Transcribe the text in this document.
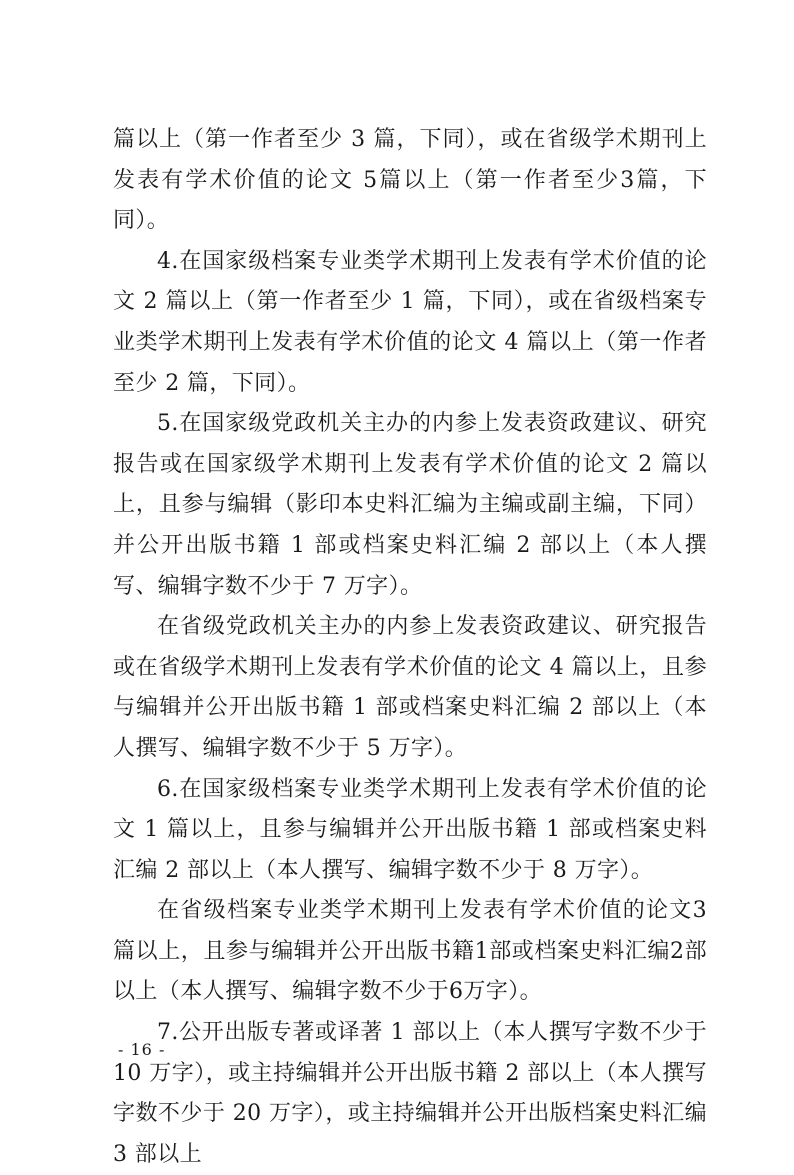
篇以上（第一作者至少 3 篇，下同），或在省级学术期刊上发表有学术价值的论文 5篇以上（第一作者至少3篇，下同）。

4.在国家级档案专业类学术期刊上发表有学术价值的论文 2 篇以上（第一作者至少 1 篇，下同），或在省级档案专业类学术期刊上发表有学术价值的论文 4 篇以上（第一作者至少 2 篇，下同）。

5.在国家级党政机关主办的内参上发表资政建议、研究报告或在国家级学术期刊上发表有学术价值的论文 2 篇以上，且参与编辑（影印本史料汇编为主编或副主编，下同）并公开出版书籍 1 部或档案史料汇编 2 部以上（本人撰写、编辑字数不少于 7 万字）。

在省级党政机关主办的内参上发表资政建议、研究报告或在省级学术期刊上发表有学术价值的论文 4 篇以上，且参与编辑并公开出版书籍 1 部或档案史料汇编 2 部以上（本人撰写、编辑字数不少于 5 万字）。

6.在国家级档案专业类学术期刊上发表有学术价值的论文 1 篇以上，且参与编辑并公开出版书籍 1 部或档案史料汇编 2 部以上（本人撰写、编辑字数不少于 8 万字）。

在省级档案专业类学术期刊上发表有学术价值的论文3篇以上，且参与编辑并公开出版书籍1部或档案史料汇编2部以上（本人撰写、编辑字数不少于6万字）。

7.公开出版专著或译著 1 部以上（本人撰写字数不少于 10 万字），或主持编辑并公开出版书籍 2 部以上（本人撰写字数不少于 20 万字），或主持编辑并公开出版档案史料汇编 3 部以上

- 16 -
